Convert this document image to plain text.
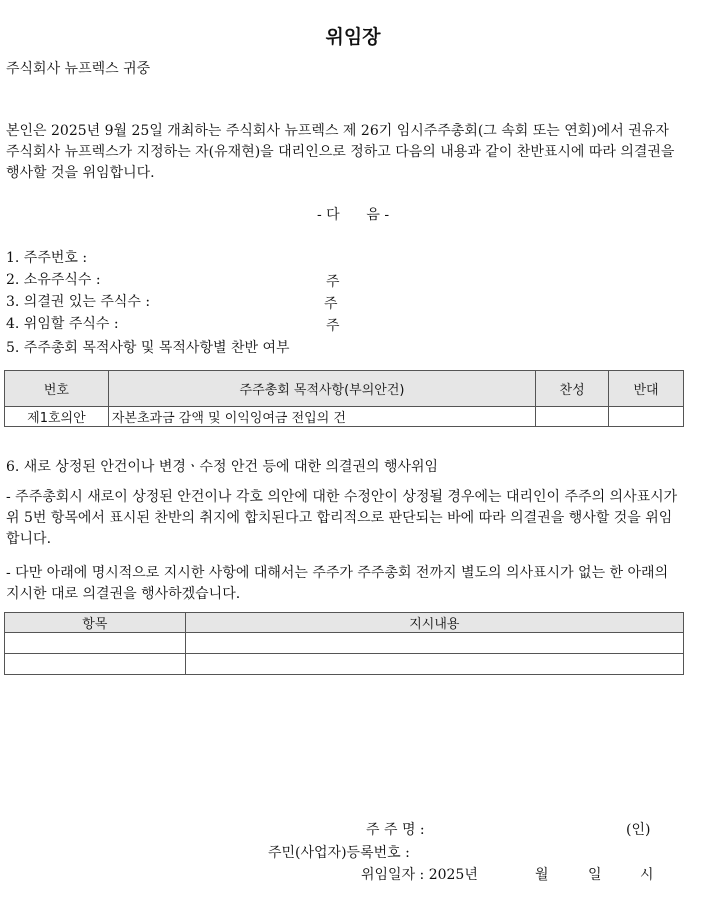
위임장
주식회사 뉴프렉스 귀중
본인은 2025년 9월 25일 개최하는 주식회사 뉴프렉스 제 26기 임시주주총회(그 속회 또는 연회)에서 권유자 주식회사 뉴프렉스가 지정하는 자(유재현)을 대리인으로 정하고 다음의 내용과 같이 찬반표시에 따라 의결권을 행사할 것을 위임합니다.
- 다      음 -
1. 주주번호 :
2. 소유주식수 :	주
3. 의결권 있는 주식수 :	주
4. 위임할 주식수 :	주
5. 주주총회 목적사항 및 목적사항별 찬반 여부
번호	주주총회 목적사항(부의안건)	찬성	반대
제1호의안	자본초과금 감액 및 이익잉여금 전입의 건		
6. 새로 상정된 안건이나 변경ㆍ수정 안건 등에 대한 의결권의 행사위임
- 주주총회시 새로이 상정된 안건이나 각호 의안에 대한 수정안이 상정될 경우에는 대리인이 주주의 의사표시가 위 5번 항목에서 표시된 찬반의 취지에 합치된다고 합리적으로 판단되는 바에 따라 의결권을 행사할 것을 위임합니다.
- 다만 아래에 명시적으로 지시한 사항에 대해서는 주주가 주주총회 전까지 별도의 의사표시가 없는 한 아래의 지시한 대로 의결권을 행사하겠습니다.
항목	지시내용

주 주 명 :	(인)
주민(사업자)등록번호 :
위임일자 : 2025년	월	일	시
